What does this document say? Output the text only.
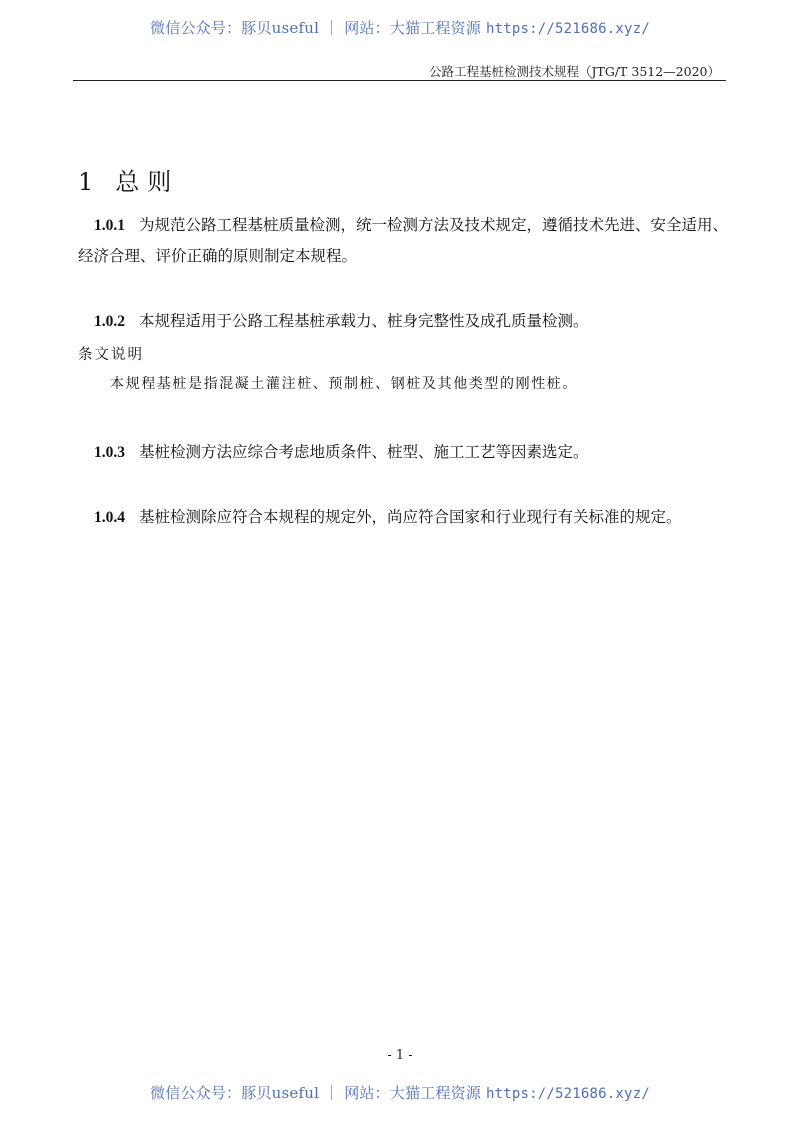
微信公众号：豚贝useful ｜ 网站：大猫工程资源 https://521686.xyz/
公路工程基桩检测技术规程（JTG/T 3512—2020）
1 总则
1.0.1 为规范公路工程基桩质量检测，统一检测方法及技术规定，遵循技术先进、安全适用、经济合理、评价正确的原则制定本规程。
1.0.2 本规程适用于公路工程基桩承载力、桩身完整性及成孔质量检测。
条文说明
本规程基桩是指混凝土灌注桩、预制桩、钢桩及其他类型的刚性桩。
1.0.3 基桩检测方法应综合考虑地质条件、桩型、施工工艺等因素选定。
1.0.4 基桩检测除应符合本规程的规定外，尚应符合国家和行业现行有关标准的规定。
- 1 -
微信公众号：豚贝useful ｜ 网站：大猫工程资源 https://521686.xyz/
